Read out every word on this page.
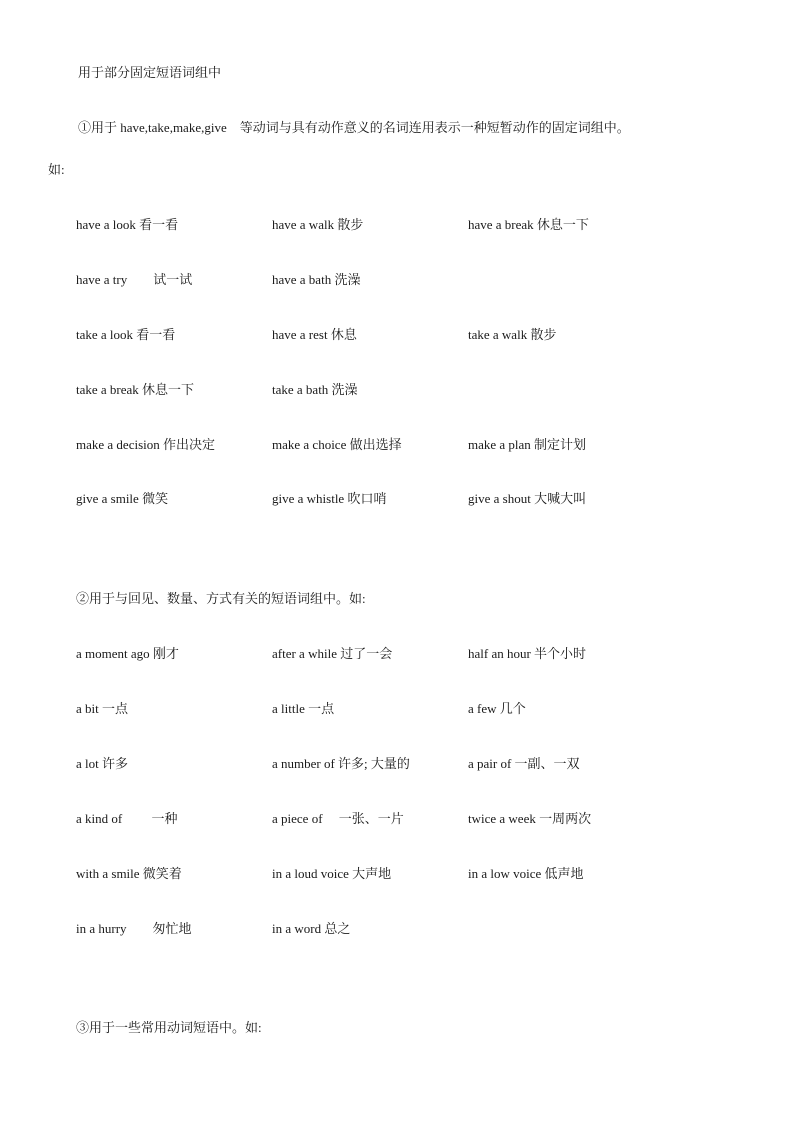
用于部分固定短语词组中
①用于 have,take,make,give　等动词与具有动作意义的名词连用表示一种短暂动作的固定词组中。
如:
have a look 看一看	have a walk 散步	have a break 休息一下
have a try　　试一试	have a bath 洗澡
take a look 看一看	have a rest 休息	take a walk 散步
take a break 休息一下	take a bath 洗澡
make a decision 作出决定	make a choice 做出选择	make a plan 制定计划
give a smile 微笑	give a whistle 吹口哨	give a shout 大喊大叫
②用于与回见、数量、方式有关的短语词组中。如:
a moment ago 刚才	after a while 过了一会	half an hour 半个小时
a bit 一点	a little 一点	a few 几个
a lot 许多	a number of 许多; 大量的	a pair of 一副、一双
a kind of　　 一种	a piece of　 一张、一片	twice a week 一周两次
with a smile 微笑着	in a loud voice 大声地	in a low voice 低声地
in a hurry　　匆忙地	in a word 总之
③用于一些常用动词短语中。如:
